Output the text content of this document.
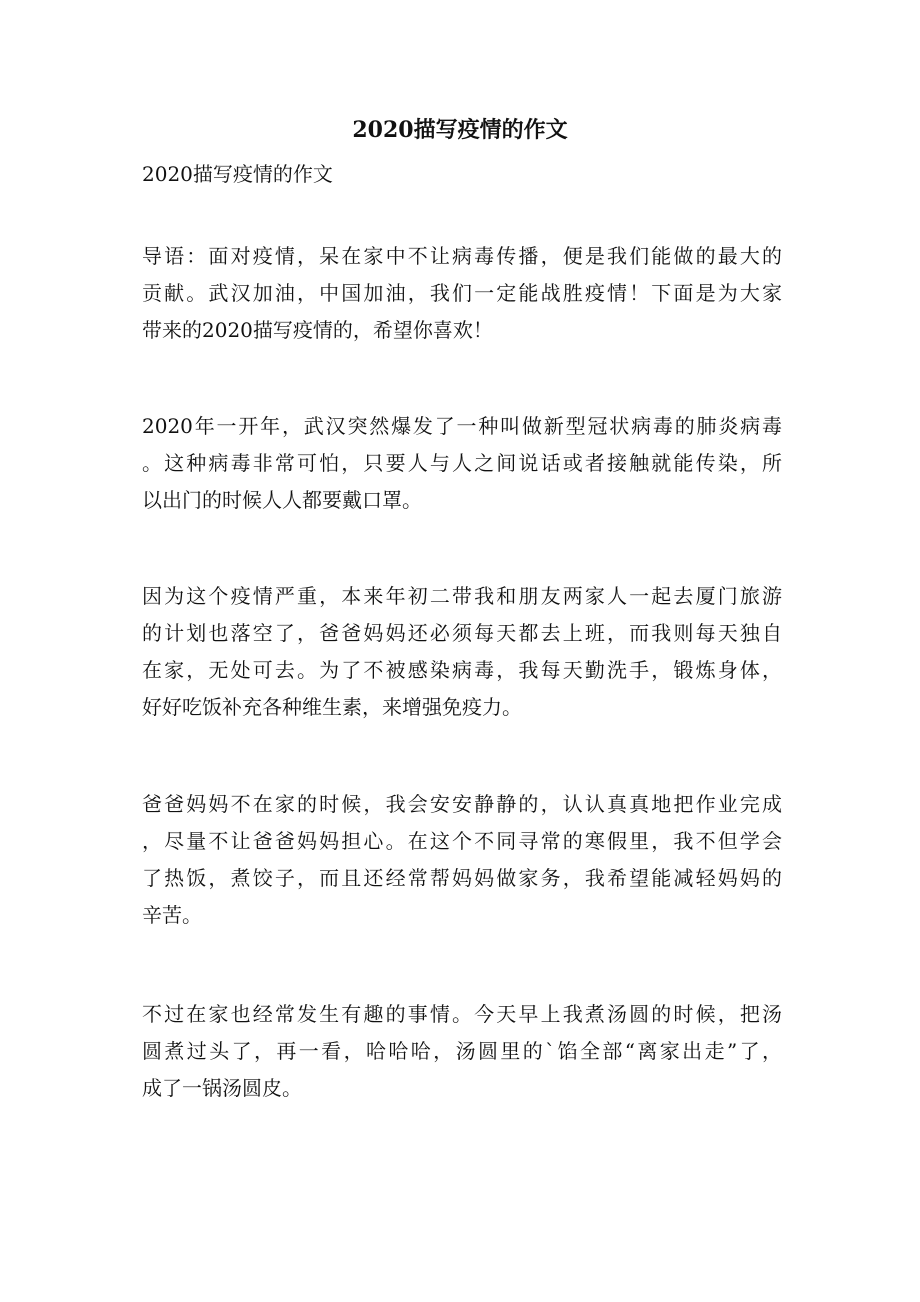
2020描写疫情的作文

2020描写疫情的作文

导语：面对疫情，呆在家中不让病毒传播，便是我们能做的最大的
贡献。武汉加油，中国加油，我们一定能战胜疫情！下面是为大家
带来的2020描写疫情的，希望你喜欢！

2020年一开年，武汉突然爆发了一种叫做新型冠状病毒的肺炎病毒
。这种病毒非常可怕，只要人与人之间说话或者接触就能传染，所
以出门的时候人人都要戴口罩。

因为这个疫情严重，本来年初二带我和朋友两家人一起去厦门旅游
的计划也落空了，爸爸妈妈还必须每天都去上班，而我则每天独自
在家，无处可去。为了不被感染病毒，我每天勤洗手，锻炼身体，
好好吃饭补充各种维生素，来增强免疫力。

爸爸妈妈不在家的时候，我会安安静静的，认认真真地把作业完成
，尽量不让爸爸妈妈担心。在这个不同寻常的寒假里，我不但学会
了热饭，煮饺子，而且还经常帮妈妈做家务，我希望能减轻妈妈的
辛苦。

不过在家也经常发生有趣的事情。今天早上我煮汤圆的时候，把汤
圆煮过头了，再一看，哈哈哈，汤圆里的`馅全部“离家出走”了，
成了一锅汤圆皮。
